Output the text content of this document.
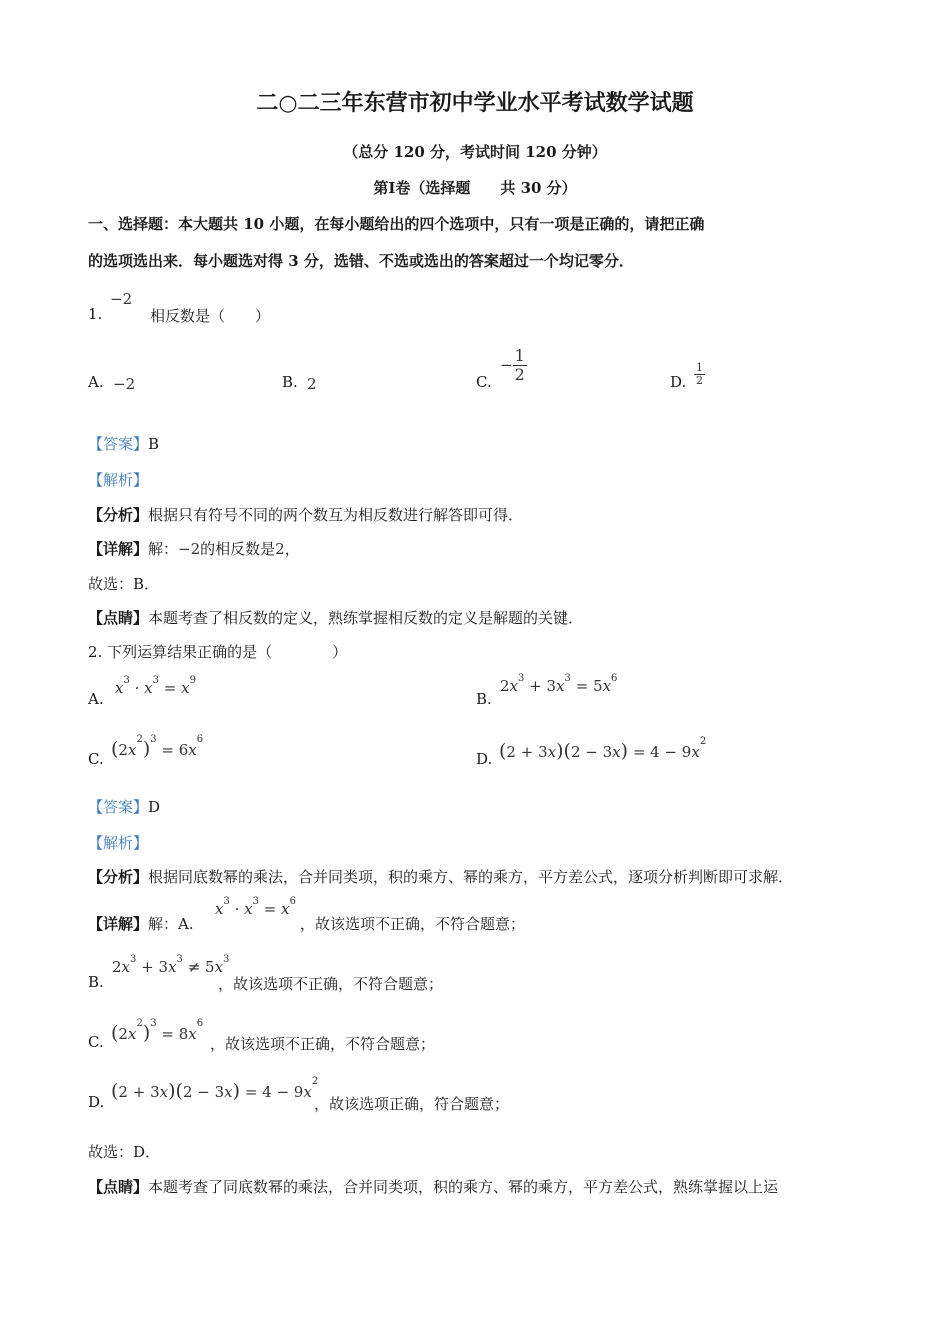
二○二三年东营市初中学业水平考试数学试题
（总分 120 分，考试时间 120 分钟）
第Ⅰ卷（选择题　　共 30 分）
一、选择题：本大题共 10 小题，在每小题给出的四个选项中，只有一项是正确的，请把正确
的选项选出来．每小题选对得 3 分，选错、不选或选出的答案超过一个均记零分．
1.
−2
相反数是（　　）
A. −2	B. 2	C.
− $\frac{1}{2}$	D. $\frac{1}{2}$
【答案】B
【解析】
【分析】根据只有符号不同的两个数互为相反数进行解答即可得．
【详解】解：−2的相反数是2，
故选：B．
【点睛】本题考查了相反数的定义，熟练掌握相反数的定义是解题的关键．
2. 下列运算结果正确的是（　　　　）
A.
$x^3 \cdot x^3 = x^9$
B.
$2x^3 + 3x^3 = 5x^6$
C. $(2x^2)^3 = 6x^6$
D. $(2 + 3x)(2 - 3x) = 4 - 9x^2$
【答案】D
【解析】
【分析】根据同底数幂的乘法，合并同类项，积的乘方、幂的乘方，平方差公式，逐项分析判断即可求解．
【详解】解：A.
$x^3 \cdot x^3 = x^6$
，故该选项不正确，不符合题意；
B.
$2x^3 + 3x^3 \ne 5x^3$
，故该选项不正确，不符合题意；
C. $(2x^2)^3 = 8x^6$
，故该选项不正确，不符合题意；
D. $(2 + 3x)(2 - 3x) = 4 - 9x^2$
，故该选项正确，符合题意；
故选：D．
【点睛】本题考查了同底数幂的乘法，合并同类项，积的乘方、幂的乘方，平方差公式，熟练掌握以上运
